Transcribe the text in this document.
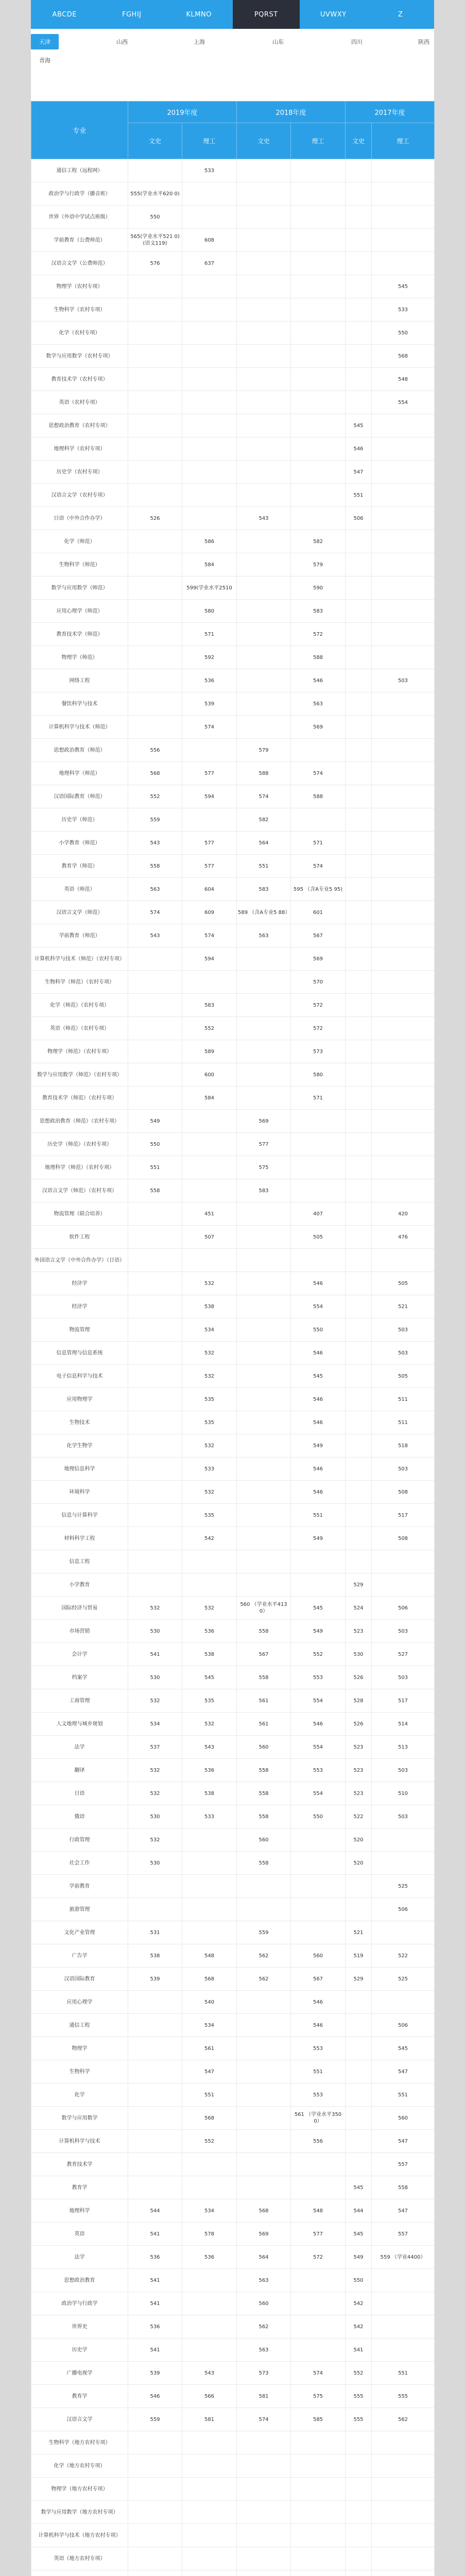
ABCDE	FGHIJ	KLMNO	PQRST	UVWXY	Z
天津	山西	上海	山东	四川	陕西
青海
专业	2019年度		2018年度		2017年度	
	文史	理工	文史	理工	文史	理工
通信工程（远程网）		533				
政治学与行政学（播音班）	555(学业水平620 0)					
世界（外语中学试点班级）	550					
学前教育（公费师范）	565(学业水平521 0)(语文119)	608				
汉语言文学（公费师范）	576	637				
物理学（农村专项）						545
生物科学（农村专项）						533
化学（农村专项）						550
数学与应用数学（农村专项）						568
教育技术学（农村专项）						548
英语（农村专项）						554
思想政治教育（农村专项）					545	
地理科学（农村专项）					546	
历史学（农村专项）					547	
汉语言文学（农村专项）					551	
日语（中外合作办学）	526		543		506	
化学（师范）		586		582		
生物科学（师范）		584		579		
数学与应用数学（师范）		599(学业水平2510		590		
应用心理学（师范）		580		583		
教育技术学（师范）		571		572		
物理学（师范）		592		588		
网络工程		536		546		503
餐饮科学与技术		539		563		
计算机科学与技术（师范）		574		569		
思想政治教育（师范）	556		579			
地理科学（师范）	568	577	588	574		
汉语国际教育（师范）	552	594	574	588		
历史学（师范）	559		582			
小学教育（师范）	543	577	564	571		
教育学（师范）	558	577	551	574		
英语（师范）	563	604	583	595 （含A专业5 95)		
汉语言文学（师范）	574	609	589 （含A专业5 88）	601		
学前教育（师范）	543	574	563	567		
计算机科学与技术（师范）（农村专项）		594		569		
生物科学（师范）（农村专项）				570		
化学（师范）（农村专项）		583		572		
英语（师范）（农村专项）		552		572		
物理学（师范）（农村专项）		589		573		
数学与应用数学（师范）（农村专项）		600		580		
教育技术学（师范）（农村专项）		584		571		
思想政治教育（师范）（农村专项）	549		569			
历史学（师范）（农村专项）	550		577			
地理科学（师范）（农村专项）	551		575			
汉语言文学（师范）（农村专项）	558		583			
物流管理（联合培养）		451		407		420
软件工程		507		505		476
外国语言文学（中外合作办学）（日语）						
经济学		532		546		505
经济学		538		554		521
物流管理		534		550		503
信息管理与信息系统		532		546		503
电子信息科学与技术		532		545		505
应用物理学		535		546		511
生物技术		535		546		511
化学生物学		532		549		518
地理信息科学		533		546		503
环境科学		532		546		508
信息与计算科学		535		551		517
材料科学工程		542		549		508
信息工程						
小学教育					529	
国际经济与贸易	532	532	560 （学业水平4130）	545	524	506
市场营销	530	536	558	549	523	503
会计学	541	538	567	552	530	527
档案学	530	545	558	553	526	503
工商管理	532	535	561	554	528	517
人文地理与城乡规划	534	532	561	546	526	514
法学	537	543	560	554	523	513
翻译	532	536	558	553	523	503
日语	532	538	558	554	523	510
俄语	530	533	558	550	522	503
行政管理	532		560		520	
社会工作	530		558		520	
学前教育						525
旅游管理						506
文化产业管理	531		559		521	
广告学	538	548	562	560	519	522
汉语国际教育	539	568	562	567	529	525
应用心理学		540		546		
通信工程		534		546		506
物理学		561		553		545
生物科学		547		551		547
化学		551		553		551
数学与应用数学		568		561 （学业水平3500）		560
计算机科学与技术		552		556		547
教育技术学						557
教育学					545	558
地理科学	544	534	568	548	544	547
英语	541	578	569	577	545	557
法学	536	536	564	572	549	559 （学业4400）
思想政治教育	541		563		550	
政治学与行政学	541		560		542	
世界史	536		562		542	
历史学	541		563		541	
广播电视学	539	543	573	574	552	551
教育学	546	566	581	575	555	555
汉语言文学	559	581	574	585	555	562
生物科学（地方农村专项）						
化学（地方农村专项）						
物理学（地方农村专项）						
数学与应用数学（地方农村专项）						
计算机科学与技术（地方农村专项）						
英语（地方农村专项）						
